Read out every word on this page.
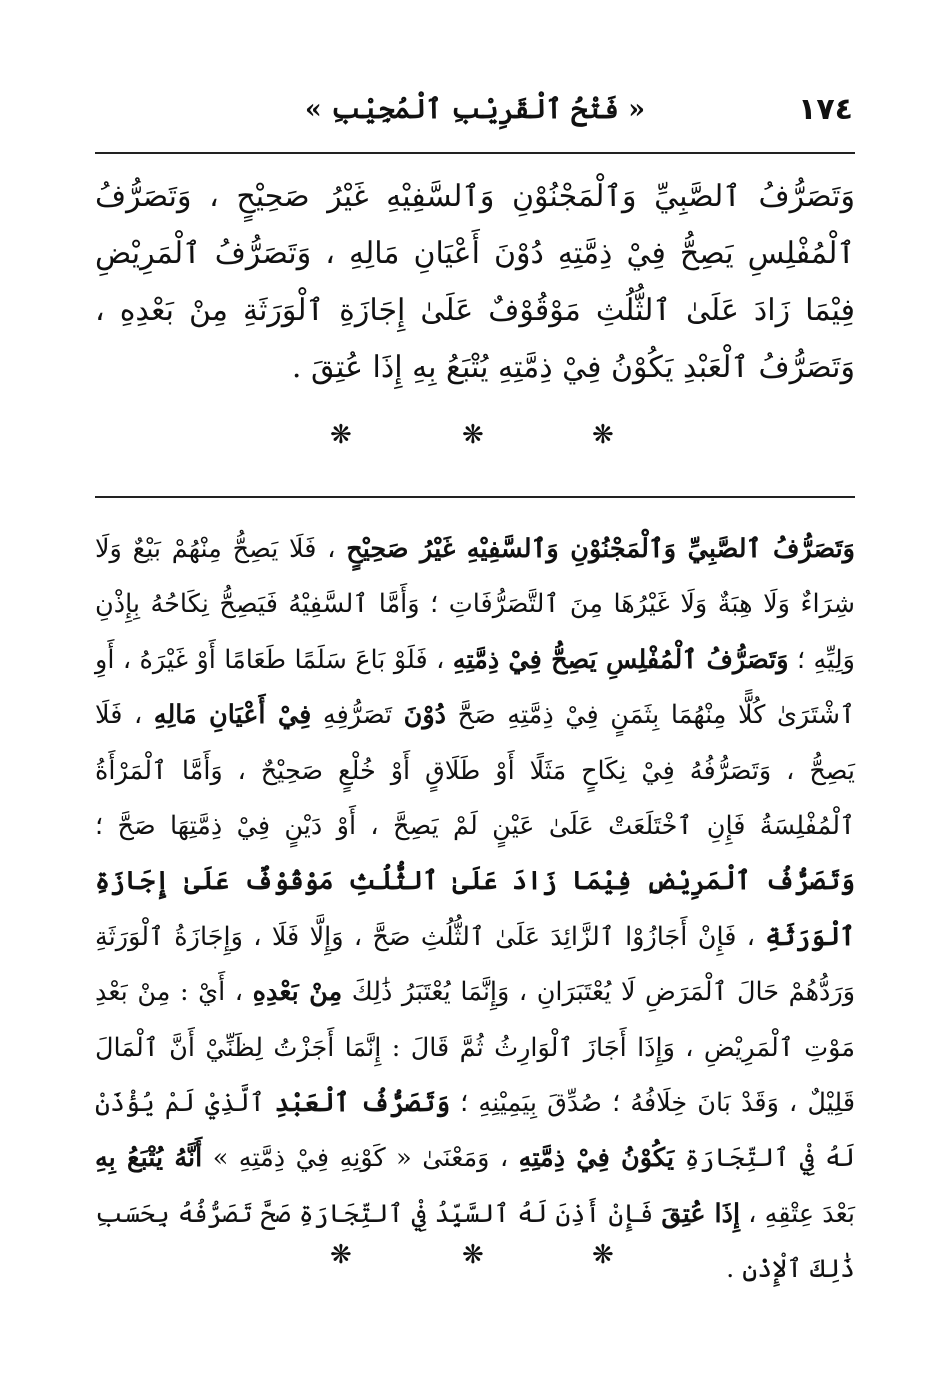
١٧٤
« فَتْحُ ٱلْقَرِيْبِ ٱلْمُجِيْبِ »
وَتَصَرُّفُ ٱلصَّبِيِّ وَٱلْمَجْنُوْنِ وَٱلسَّفِيْهِ غَيْرُ صَحِيْحٍ ، وَتَصَرُّفُ ٱلْمُفْلِسِ يَصِحُّ فِيْ ذِمَّتِهِ دُوْنَ أَعْيَانِ مَالِهِ ، وَتَصَرُّفُ ٱلْمَرِيْضِ فِيْمَا زَادَ عَلَىٰ ٱلثُّلُثِ مَوْقُوْفٌ عَلَىٰ إِجَازَةِ ٱلْوَرَثَةِ مِنْ بَعْدِهِ ، وَتَصَرُّفُ ٱلْعَبْدِ يَكُوْنُ فِيْ ذِمَّتِهِ يُتْبَعُ بِهِ إِذَا عُتِقَ .
❋	❋	❋
وَتَصَرُّفُ ٱلصَّبِيِّ وَٱلْمَجْنُوْنِ وَٱلسَّفِيْهِ غَيْرُ صَحِيْحٍ ، فَلَا يَصِحُّ مِنْهُمْ بَيْعٌ وَلَا شِرَاءٌ وَلَا هِبَةٌ وَلَا غَيْرُهَا مِنَ ٱلتَّصَرُّفَاتِ ؛ وَأَمَّا ٱلسَّفِيْهُ فَيَصِحُّ نِكَاحُهُ بِإِذْنِ وَلِيِّهِ ؛ وَتَصَرُّفُ ٱلْمُفْلِسِ يَصِحُّ فِيْ ذِمَّتِهِ ، فَلَوْ بَاعَ سَلَمًا طَعَامًا أَوْ غَيْرَهُ ، أَوِ ٱشْتَرَىٰ كُلًّا مِنْهُمَا بِثَمَنٍ فِيْ ذِمَّتِهِ صَحَّ دُوْنَ تَصَرُّفِهِ فِيْ أَعْيَانِ مَالِهِ ، فَلَا يَصِحُّ ، وَتَصَرُّفُهُ فِيْ نِكَاحٍ مَثَلًا أَوْ طَلَاقٍ أَوْ خُلْعٍ صَحِيْحٌ ، وَأَمَّا ٱلْمَرْأَةُ ٱلْمُفْلِسَةُ فَإِنِ ٱخْتَلَعَتْ عَلَىٰ عَيْنٍ لَمْ يَصِحَّ ، أَوْ دَيْنٍ فِيْ ذِمَّتِهَا صَحَّ ؛ وَتَصَرُّفُ ٱلْمَرِيْضِ فِيْمَا زَادَ عَلَىٰ ٱلثُّلُثِ مَوْقُوْفٌ عَلَىٰ إِجَازَةِ ٱلْوَرَثَةِ ، فَإِنْ أَجَازُوْا ٱلزَّائِدَ عَلَىٰ ٱلثُّلُثِ صَحَّ ، وَإِلَّا فَلَا ، وَإِجَازَةُ ٱلْوَرَثَةِ وَرَدُّهُمْ حَالَ ٱلْمَرَضِ لَا يُعْتَبَرَانِ ، وَإِنَّمَا يُعْتَبَرُ ذَٰلِكَ مِنْ بَعْدِهِ ، أَيْ : مِنْ بَعْدِ مَوْتِ ٱلْمَرِيْضِ ، وَإِذَا أَجَازَ ٱلْوَارِثُ ثُمَّ قَالَ : إِنَّمَا أَجَزْتُ لِظَنِّيْ أَنَّ ٱلْمَالَ قَلِيْلٌ ، وَقَدْ بَانَ خِلَافُهُ ؛ صُدِّقَ بِيَمِيْنِهِ ؛ وَتَصَرُّفُ ٱلْعَبْدِ ٱلَّذِيْ لَمْ يُؤْذَنْ لَهُ فِيْ ٱلتِّجَارَةِ يَكُوْنُ فِيْ ذِمَّتِهِ ، وَمَعْنَىٰ « كَوْنِهِ فِيْ ذِمَّتِهِ » أَنَّهُ يُتْبَعُ بِهِ بَعْدَ عِتْقِهِ ، إِذَا عُتِقَ فَإِنْ أَذِنَ لَهُ ٱلسَّيِّدُ فِيْ ٱلتِّجَارَةِ صَحَّ تَصَرُّفُهُ بِحَسَبِ ذَٰلِكَ ٱلْإِذْنِ .
❋	❋	❋
